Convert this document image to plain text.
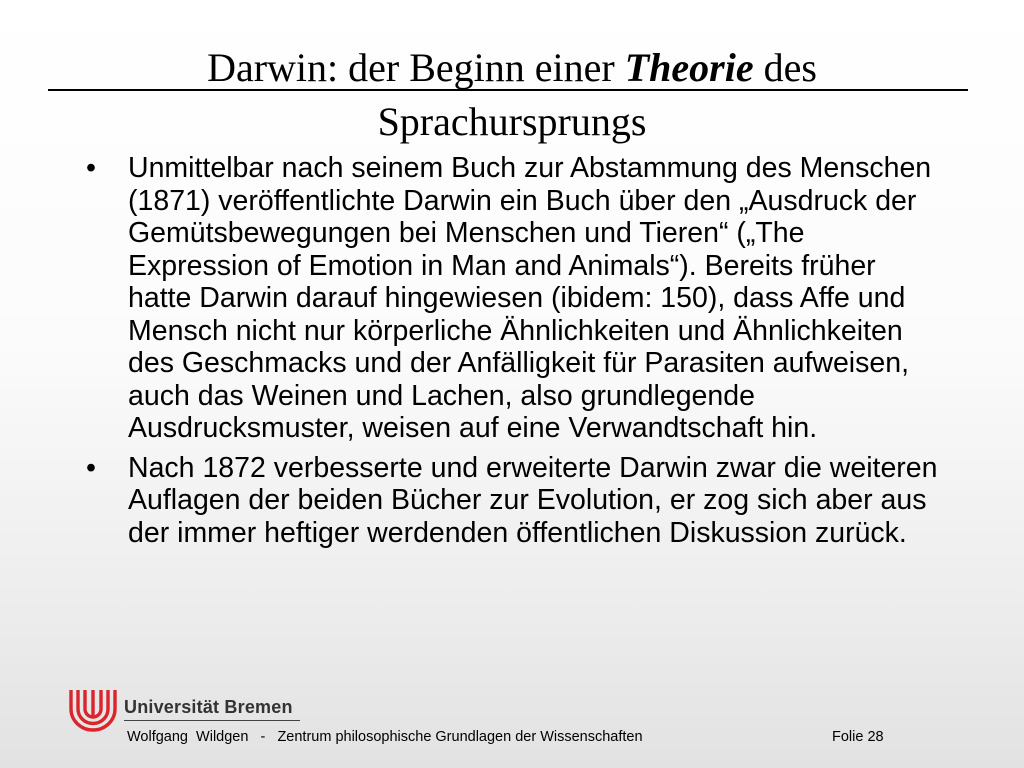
Darwin: der Beginn einer Theorie des
Sprachursprungs
• Unmittelbar nach seinem Buch zur Abstammung des Menschen (1871) veröffentlichte Darwin ein Buch über den „Ausdruck der Gemütsbewegungen bei Menschen und Tieren“ („The Expression of Emotion in Man and Animals“). Bereits früher hatte Darwin darauf hingewiesen (ibidem: 150), dass Affe und Mensch nicht nur körperliche Ähnlichkeiten und Ähnlichkeiten des Geschmacks und der Anfälligkeit für Parasiten aufweisen, auch das Weinen und Lachen, also grundlegende Ausdrucksmuster, weisen auf eine Verwandtschaft hin.
• Nach 1872 verbesserte und erweiterte Darwin zwar die weiteren Auflagen der beiden Bücher zur Evolution, er zog sich aber aus der immer heftiger werdenden öffentlichen Diskussion zurück.
Universität Bremen
Wolfgang  Wildgen   -   Zentrum philosophische Grundlagen der Wissenschaften	Folie 28
